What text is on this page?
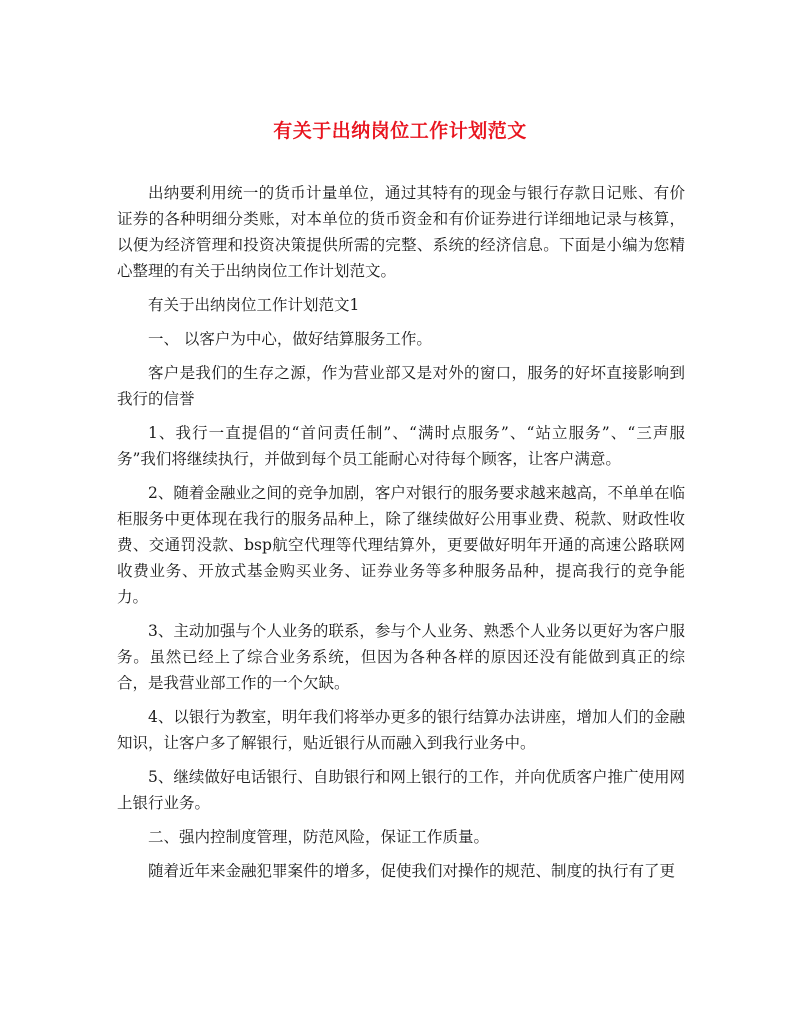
有关于出纳岗位工作计划范文

出纳要利用统一的货币计量单位，通过其特有的现金与银行存款日记账、有价证券的各种明细分类账，对本单位的货币资金和有价证券进行详细地记录与核算，以便为经济管理和投资决策提供所需的完整、系统的经济信息。下面是小编为您精心整理的有关于出纳岗位工作计划范文。

有关于出纳岗位工作计划范文1

一、 以客户为中心，做好结算服务工作。

客户是我们的生存之源，作为营业部又是对外的窗口，服务的好坏直接影响到我行的信誉

1、我行一直提倡的“首问责任制”、“满时点服务”、“站立服务”、“三声服务”我们将继续执行，并做到每个员工能耐心对待每个顾客，让客户满意。

2、随着金融业之间的竞争加剧，客户对银行的服务要求越来越高，不单单在临柜服务中更体现在我行的服务品种上，除了继续做好公用事业费、税款、财政性收费、交通罚没款、bsp航空代理等代理结算外，更要做好明年开通的高速公路联网收费业务、开放式基金购买业务、证券业务等多种服务品种，提高我行的竞争能力。

3、主动加强与个人业务的联系，参与个人业务、熟悉个人业务以更好为客户服务。虽然已经上了综合业务系统，但因为各种各样的原因还没有能做到真正的综合，是我营业部工作的一个欠缺。

4、以银行为教室，明年我们将举办更多的银行结算办法讲座，增加人们的金融知识，让客户多了解银行，贴近银行从而融入到我行业务中。

5、继续做好电话银行、自助银行和网上银行的工作，并向优质客户推广使用网上银行业务。

二、强内控制度管理，防范风险，保证工作质量。

随着近年来金融犯罪案件的增多，促使我们对操作的规范、制度的执行有了更
